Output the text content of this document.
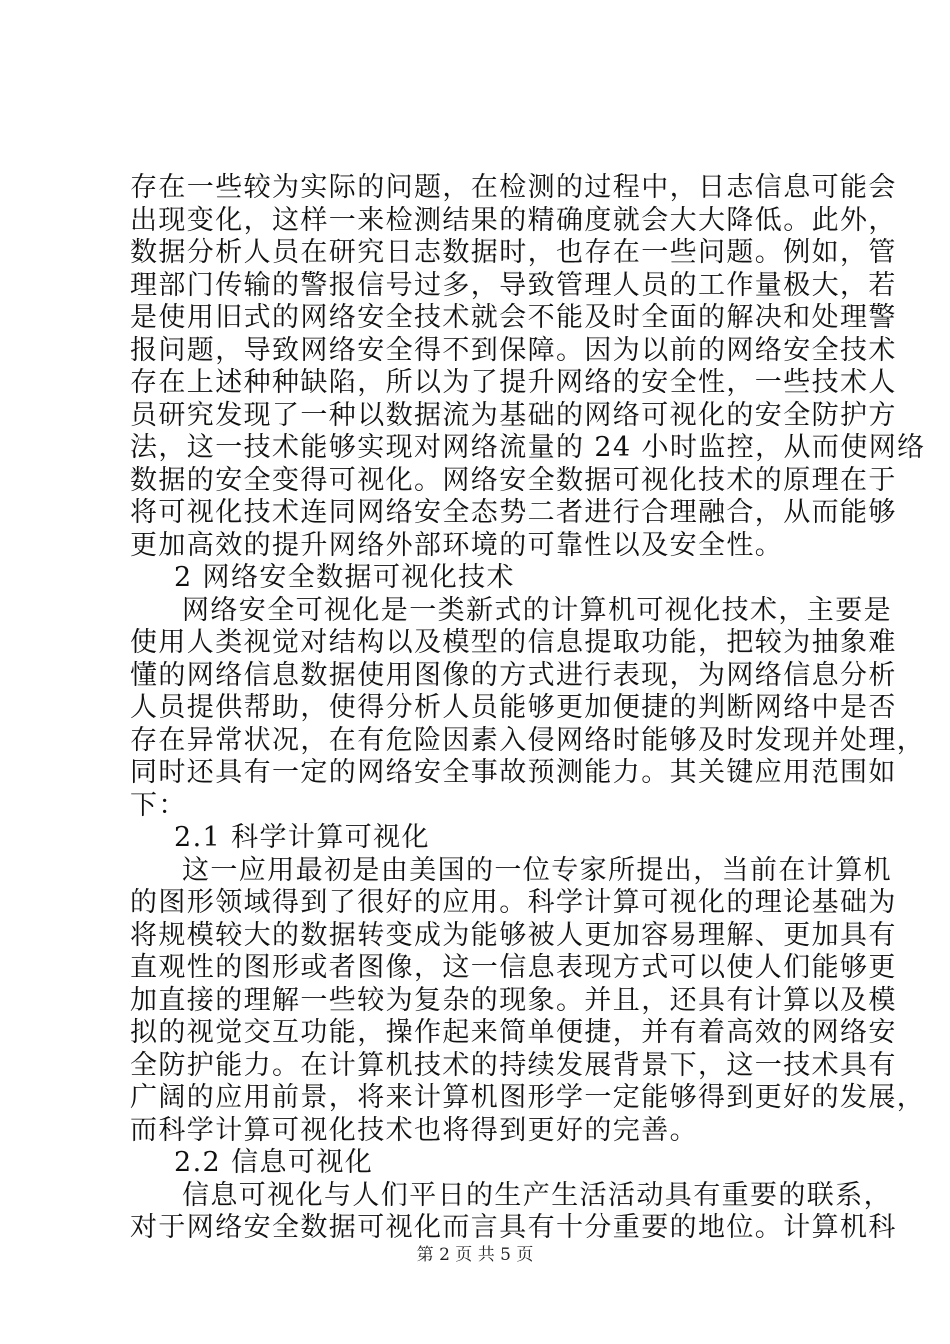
存在一些较为实际的问题，在检测的过程中，日志信息可能会
出现变化，这样一来检测结果的精确度就会大大降低。此外，
数据分析人员在研究日志数据时，也存在一些问题。例如，管
理部门传输的警报信号过多，导致管理人员的工作量极大，若
是使用旧式的网络安全技术就会不能及时全面的解决和处理警
报问题，导致网络安全得不到保障。因为以前的网络安全技术
存在上述种种缺陷，所以为了提升网络的安全性，一些技术人
员研究发现了一种以数据流为基础的网络可视化的安全防护方
法，这一技术能够实现对网络流量的 24 小时监控，从而使网络
数据的安全变得可视化。网络安全数据可视化技术的原理在于
将可视化技术连同网络安全态势二者进行合理融合，从而能够
更加高效的提升网络外部环境的可靠性以及安全性。
2 网络安全数据可视化技术
网络安全可视化是一类新式的计算机可视化技术，主要是
使用人类视觉对结构以及模型的信息提取功能，把较为抽象难
懂的网络信息数据使用图像的方式进行表现，为网络信息分析
人员提供帮助，使得分析人员能够更加便捷的判断网络中是否
存在异常状况，在有危险因素入侵网络时能够及时发现并处理，
同时还具有一定的网络安全事故预测能力。其关键应用范围如
下：
2.1 科学计算可视化
这一应用最初是由美国的一位专家所提出，当前在计算机
的图形领域得到了很好的应用。科学计算可视化的理论基础为
将规模较大的数据转变成为能够被人更加容易理解、更加具有
直观性的图形或者图像，这一信息表现方式可以使人们能够更
加直接的理解一些较为复杂的现象。并且，还具有计算以及模
拟的视觉交互功能，操作起来简单便捷，并有着高效的网络安
全防护能力。在计算机技术的持续发展背景下，这一技术具有
广阔的应用前景，将来计算机图形学一定能够得到更好的发展，
而科学计算可视化技术也将得到更好的完善。
2.2 信息可视化
信息可视化与人们平日的生产生活活动具有重要的联系，
对于网络安全数据可视化而言具有十分重要的地位。计算机科
第 2 页 共 5 页
